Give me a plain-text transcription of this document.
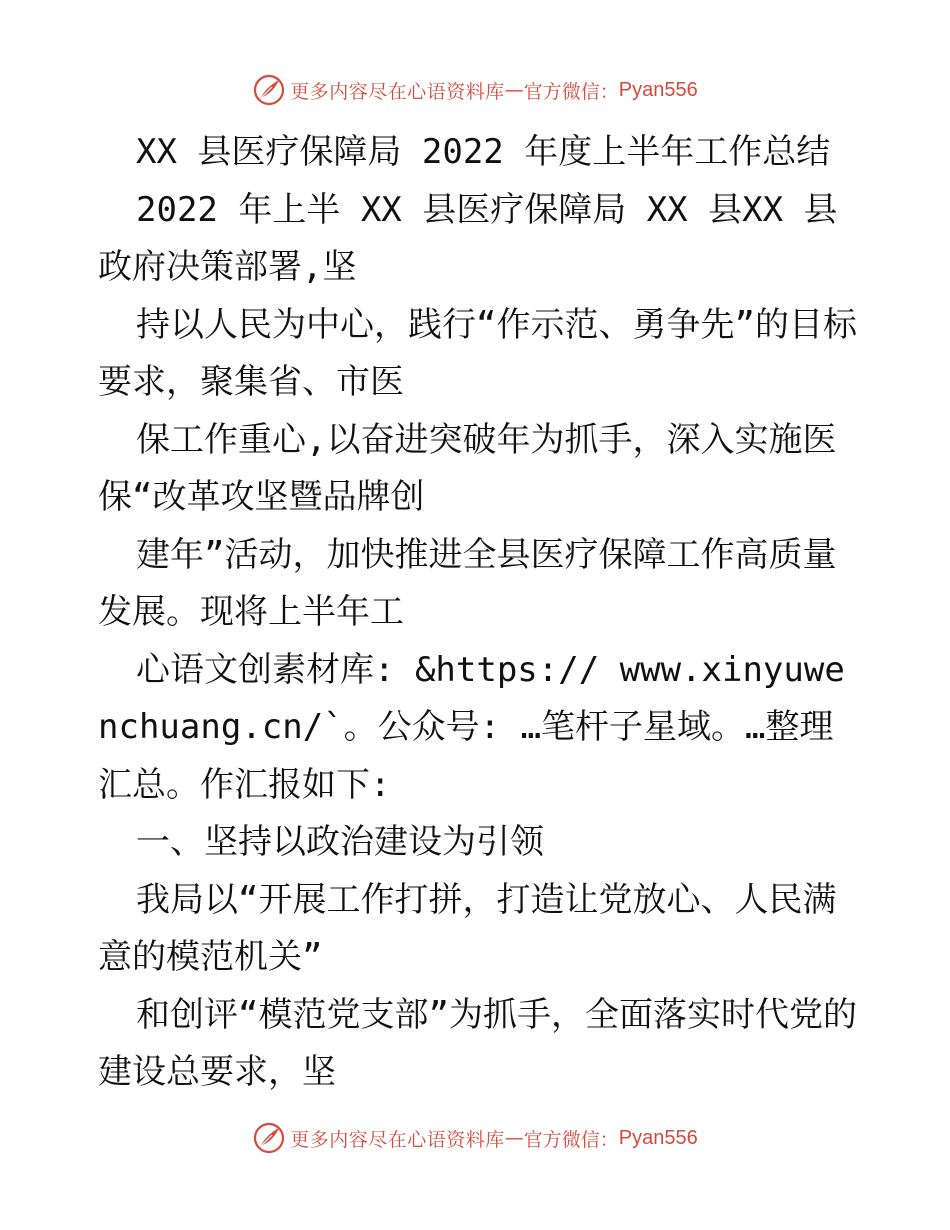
更多内容尽在心语资料库 — 官方微信： Pyan556

XX 县医疗保障局 2022 年度上半年工作总结

2022 年上半 XX 县医疗保障局 XX 县XX 县政府决策部署,坚

持以人民为中心，践行“作示范、勇争先”的目标要求，聚集省、市医

保工作重心,以奋进突破年为抓手，深入实施医保“改革攻坚暨品牌创

建年”活动，加快推进全县医疗保障工作高质量发展。现将上半年工

心语文创素材库: &https:// www.xinyuwenchuang.cn/`。公众号: …笔杆子星域。…整理汇总。作汇报如下:

一、坚持以政治建设为引领

我局以“开展工作打拼，打造让党放心、人民满意的模范机关”

和创评“模范党支部”为抓手，全面落实时代党的建设总要求，坚

更多内容尽在心语资料库 — 官方微信： Pyan556
